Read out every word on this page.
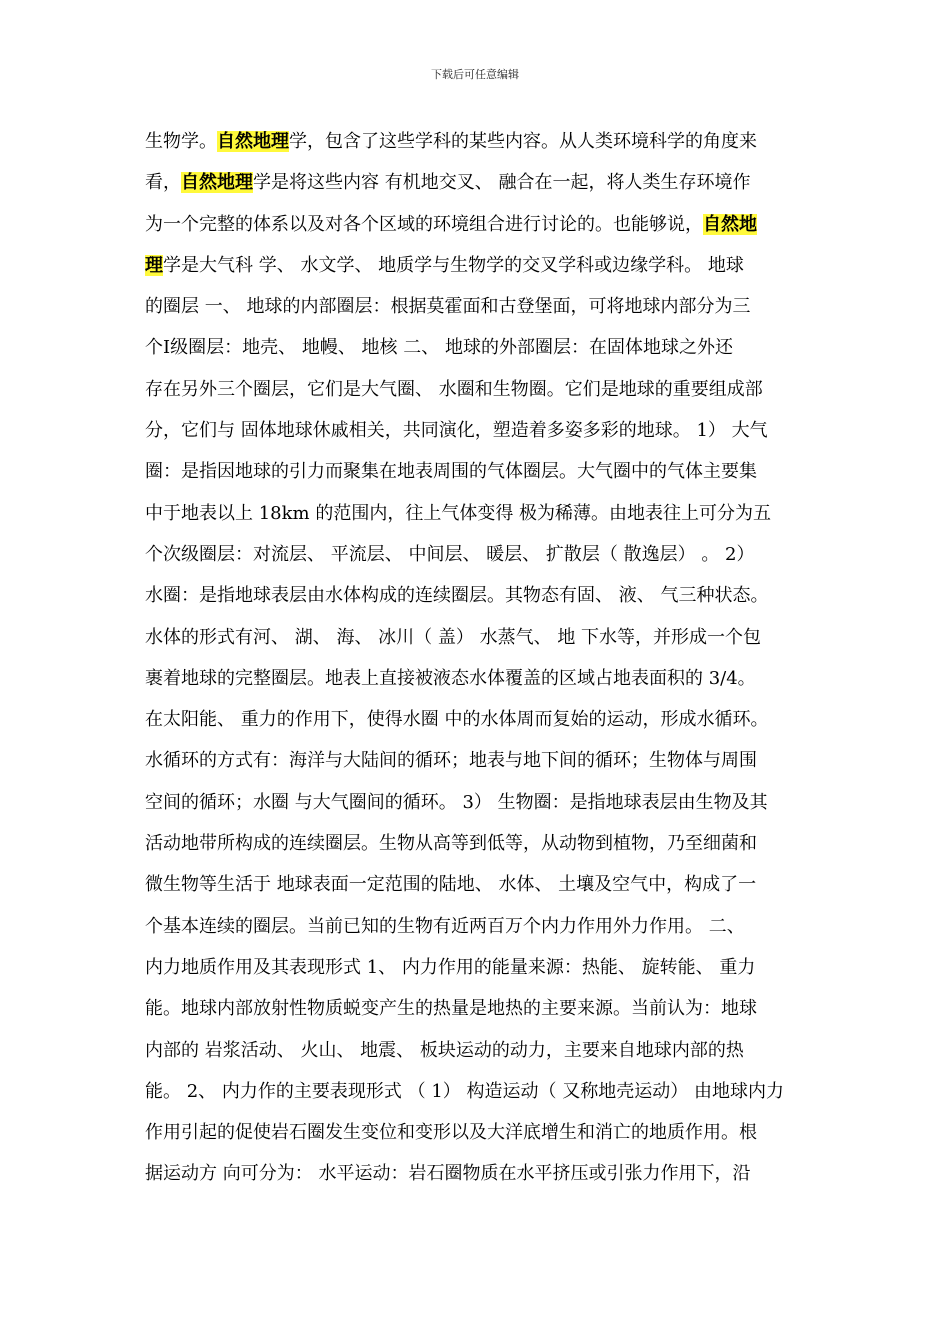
下载后可任意编辑
生物学。自然地理学，包含了这些学科的某些内容。从人类环境科学的角度来
看，自然地理学是将这些内容 有机地交叉、 融合在一起，将人类生存环境作
为一个完整的体系以及对各个区域的环境组合进行讨论的。也能够说，自然地
理学是大气科 学、 水文学、 地质学与生物学的交叉学科或边缘学科。 地球
的圈层 一、 地球的内部圈层：根据莫霍面和古登堡面，可将地球内部分为三
个Ⅰ级圈层：地壳、 地幔、 地核 二、 地球的外部圈层：在固体地球之外还
存在另外三个圈层，它们是大气圈、 水圈和生物圈。它们是地球的重要组成部
分，它们与 固体地球休戚相关，共同演化，塑造着多姿多彩的地球。 1） 大气
圈：是指因地球的引力而聚集在地表周围的气体圈层。大气圈中的气体主要集
中于地表以上 18km 的范围内，往上气体变得 极为稀薄。由地表往上可分为五
个次级圈层：对流层、 平流层、 中间层、 暖层、 扩散层（ 散逸层） 。 2）
水圈：是指地球表层由水体构成的连续圈层。其物态有固、 液、 气三种状态。
水体的形式有河、 湖、 海、 冰川（ 盖） 水蒸气、 地 下水等，并形成一个包
裹着地球的完整圈层。地表上直接被液态水体覆盖的区域占地表面积的 3/4。
在太阳能、 重力的作用下，使得水圈 中的水体周而复始的运动，形成水循环。
水循环的方式有：海洋与大陆间的循环；地表与地下间的循环；生物体与周围
空间的循环；水圈 与大气圈间的循环。 3） 生物圈：是指地球表层由生物及其
活动地带所构成的连续圈层。生物从高等到低等，从动物到植物，乃至细菌和
微生物等生活于 地球表面一定范围的陆地、 水体、 土壤及空气中，构成了一
个基本连续的圈层。当前已知的生物有近两百万个内力作用外力作用。 二、
内力地质作用及其表现形式 1、 内力作用的能量来源：热能、 旋转能、 重力
能。地球内部放射性物质蜕变产生的热量是地热的主要来源。当前认为：地球
内部的 岩浆活动、 火山、 地震、 板块运动的动力，主要来自地球内部的热
能。 2、 内力作的主要表现形式 （ 1） 构造运动（ 又称地壳运动） 由地球内力
作用引起的促使岩石圈发生变位和变形以及大洋底增生和消亡的地质作用。根
据运动方 向可分为： 水平运动：岩石圈物质在水平挤压或引张力作用下，沿
